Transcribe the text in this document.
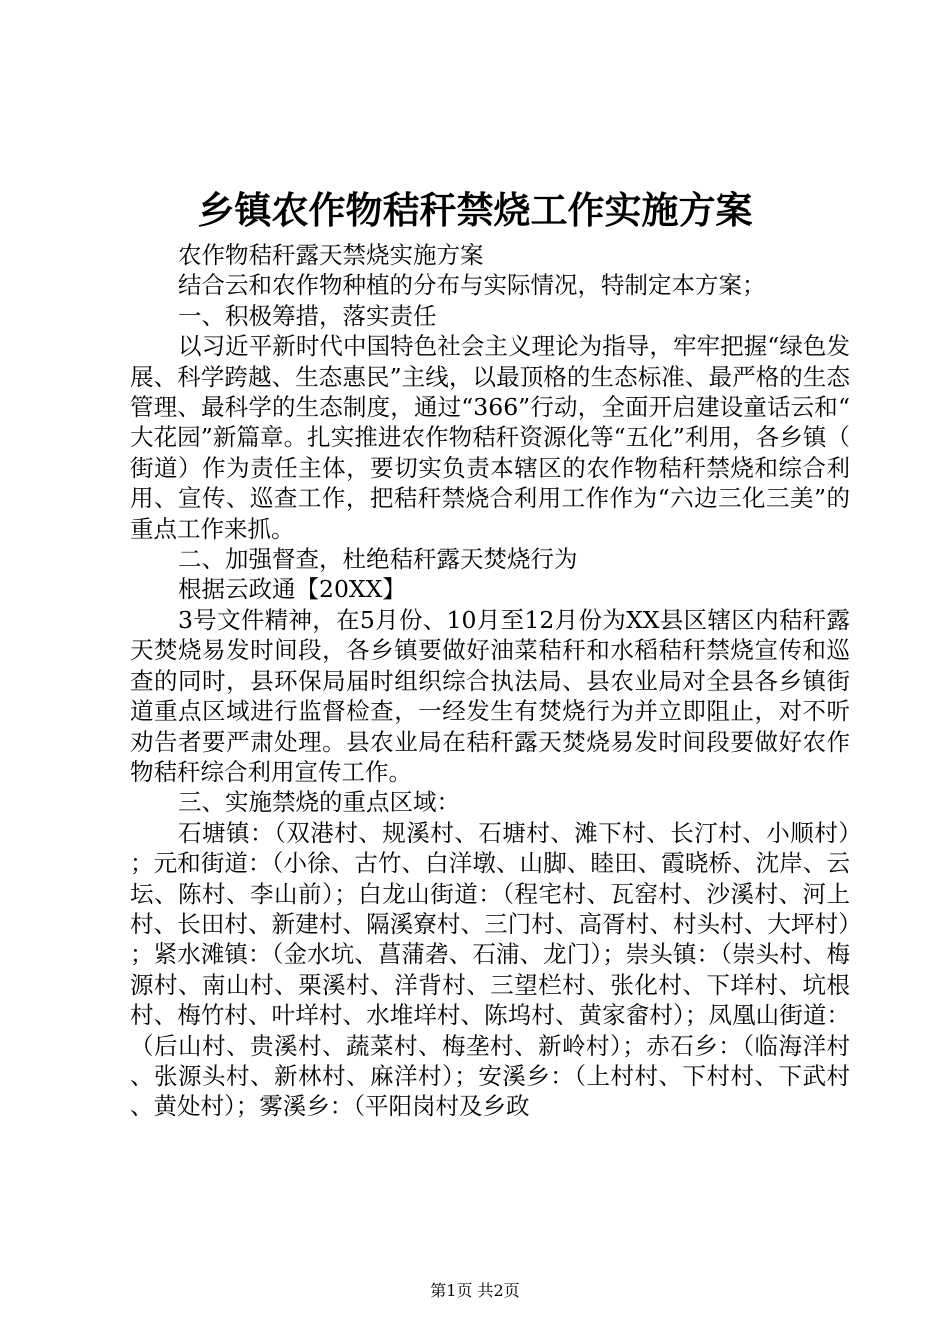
乡镇农作物秸秆禁烧工作实施方案

农作物秸秆露天禁烧实施方案

结合云和农作物种植的分布与实际情况，特制定本方案；

一、积极筹措，落实责任

以习近平新时代中国特色社会主义理论为指导，牢牢把握“绿色发展、科学跨越、生态惠民”主线，以最顶格的生态标准、最严格的生态管理、最科学的生态制度，通过“366”行动，全面开启建设童话云和“大花园”新篇章。扎实推进农作物秸秆资源化等“五化”利用，各乡镇（街道）作为责任主体，要切实负责本辖区的农作物秸秆禁烧和综合利用、宣传、巡查工作，把秸秆禁烧合利用工作作为“六边三化三美”的重点工作来抓。

二、加强督查，杜绝秸秆露天焚烧行为

根据云政通【20XX】

3号文件精神，在5月份、10月至12月份为XX县区辖区内秸秆露天焚烧易发时间段，各乡镇要做好油菜秸秆和水稻秸秆禁烧宣传和巡查的同时，县环保局届时组织综合执法局、县农业局对全县各乡镇街道重点区域进行监督检查，一经发生有焚烧行为并立即阻止，对不听劝告者要严肃处理。县农业局在秸秆露天焚烧易发时间段要做好农作物秸秆综合利用宣传工作。

三、实施禁烧的重点区域：

石塘镇：（双港村、规溪村、石塘村、滩下村、长汀村、小顺村）；元和街道：（小徐、古竹、白洋墩、山脚、睦田、霞晓桥、沈岸、云坛、陈村、李山前）；白龙山街道：（程宅村、瓦窑村、沙溪村、河上村、长田村、新建村、隔溪寮村、三门村、高胥村、村头村、大坪村）；紧水滩镇：（金水坑、菖蒲砻、石浦、龙门）；崇头镇：（崇头村、梅源村、南山村、栗溪村、洋背村、三望栏村、张化村、下垟村、坑根村、梅竹村、叶垟村、水堆垟村、陈坞村、黄家畲村）；凤凰山街道：（后山村、贵溪村、蔬菜村、梅垄村、新岭村）；赤石乡：（临海洋村、张源头村、新林村、麻洋村）；安溪乡：（上村村、下村村、下武村、黄处村）；雾溪乡：（平阳岗村及乡政

第1页 共2页
